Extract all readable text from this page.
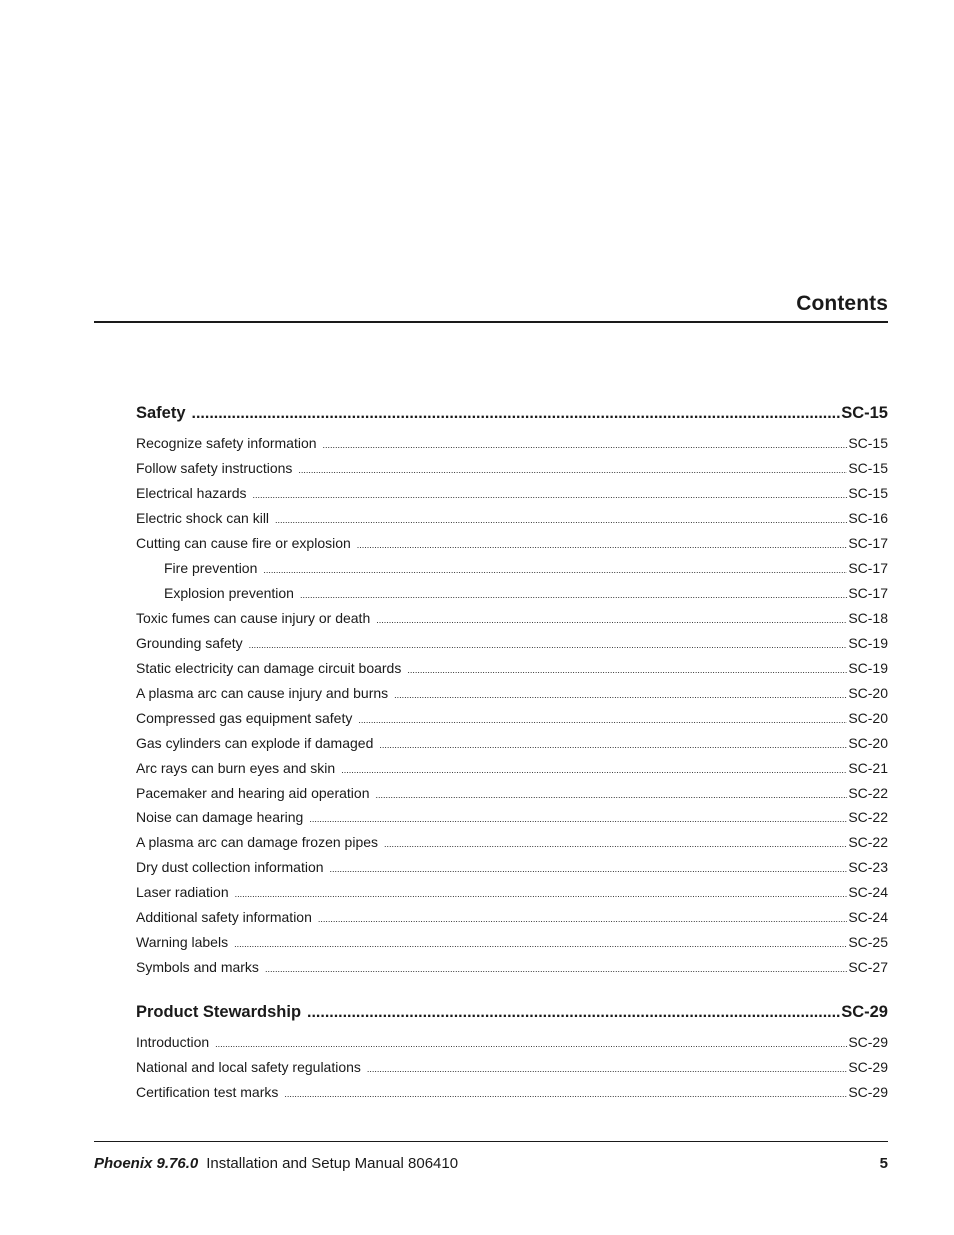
Contents
Safety .....	SC-15
Recognize safety information .....	SC-15
Follow safety instructions .....	SC-15
Electrical hazards .....	SC-15
Electric shock can kill .....	SC-16
Cutting can cause fire or explosion .....	SC-17
Fire prevention .....	SC-17
Explosion prevention .....	SC-17
Toxic fumes can cause injury or death .....	SC-18
Grounding safety .....	SC-19
Static electricity can damage circuit boards .....	SC-19
A plasma arc can cause injury and burns .....	SC-20
Compressed gas equipment safety .....	SC-20
Gas cylinders can explode if damaged .....	SC-20
Arc rays can burn eyes and skin .....	SC-21
Pacemaker and hearing aid operation .....	SC-22
Noise can damage hearing .....	SC-22
A plasma arc can damage frozen pipes .....	SC-22
Dry dust collection information .....	SC-23
Laser radiation .....	SC-24
Additional safety information .....	SC-24
Warning labels .....	SC-25
Symbols and marks .....	SC-27
Product Stewardship .....	SC-29
Introduction .....	SC-29
National and local safety regulations .....	SC-29
Certification test marks .....	SC-29
Phoenix 9.76.0 Installation and Setup Manual 806410	5
